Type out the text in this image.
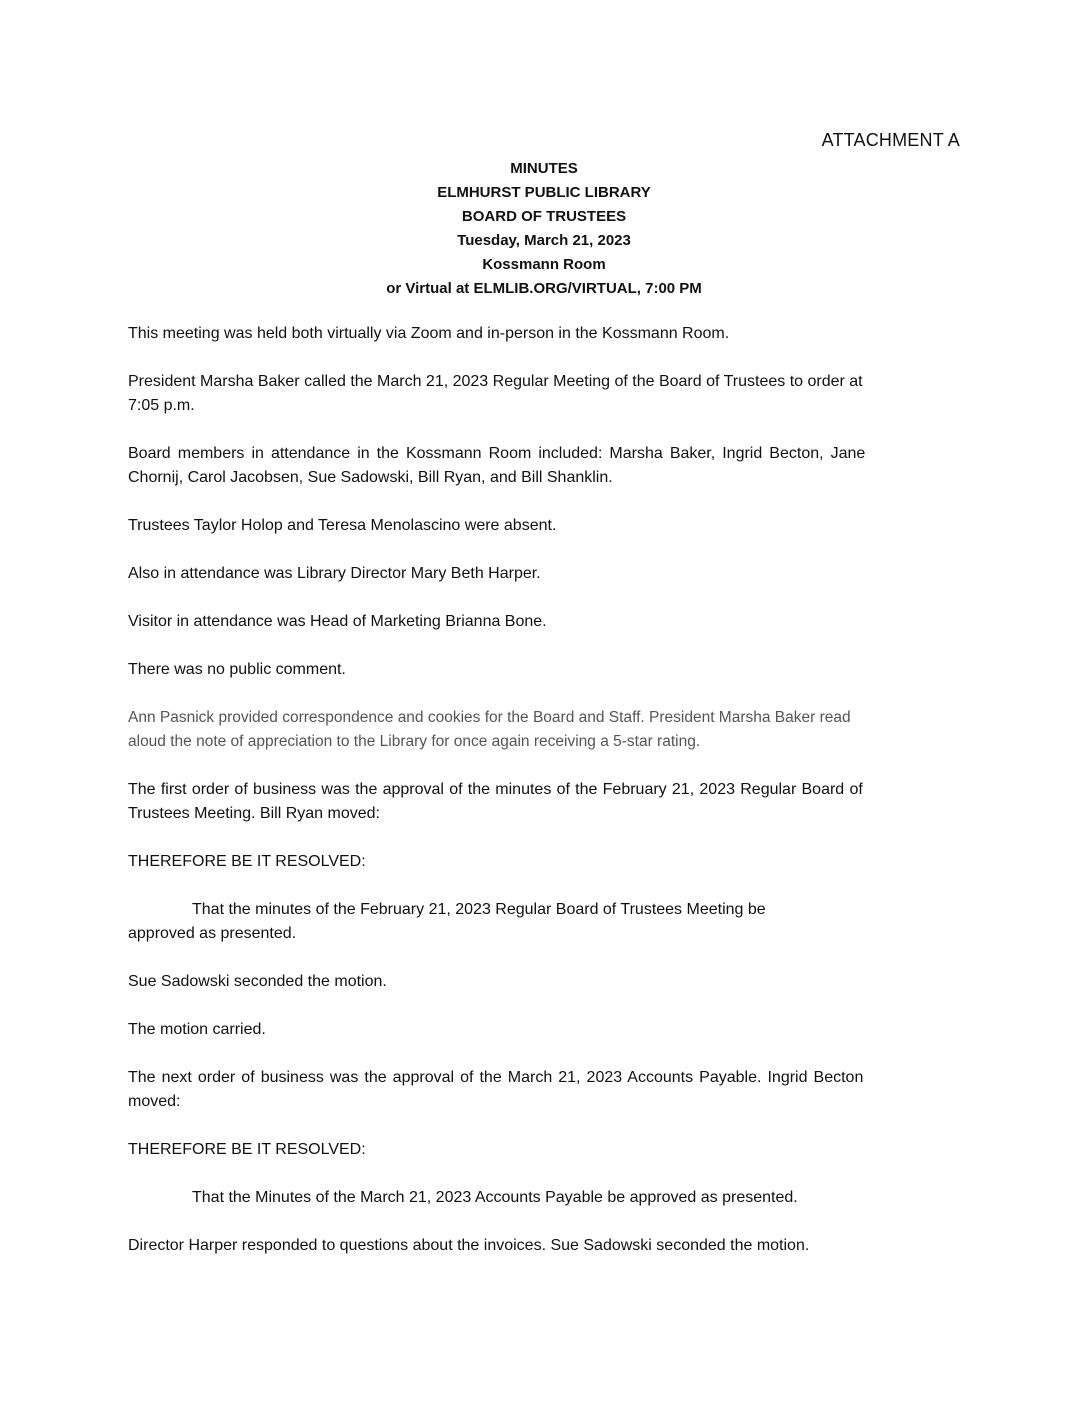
ATTACHMENT A
MINUTES
ELMHURST PUBLIC LIBRARY
BOARD OF TRUSTEES
Tuesday, March 21, 2023
Kossmann Room
or Virtual at ELMLIB.ORG/VIRTUAL, 7:00 PM

This meeting was held both virtually via Zoom and in-person in the Kossmann Room.

President Marsha Baker called the March 21, 2023 Regular Meeting of the Board of Trustees to order at
7:05 p.m.

Board members in attendance in the Kossmann Room included: Marsha Baker, Ingrid Becton, Jane
Chornij, Carol Jacobsen, Sue Sadowski, Bill Ryan, and Bill Shanklin.

Trustees Taylor Holop and Teresa Menolascino were absent.

Also in attendance was Library Director Mary Beth Harper.

Visitor in attendance was Head of Marketing Brianna Bone.

There was no public comment.

Ann Pasnick provided correspondence and cookies for the Board and Staff. President Marsha Baker read
aloud the note of appreciation to the Library for once again receiving a 5-star rating.

The first order of business was the approval of the minutes of the February 21, 2023 Regular Board of
Trustees Meeting. Bill Ryan moved:

THEREFORE BE IT RESOLVED:

That the minutes of the February 21, 2023 Regular Board of Trustees Meeting be
approved as presented.

Sue Sadowski seconded the motion.

The motion carried.

The next order of business was the approval of the March 21, 2023 Accounts Payable. Ingrid Becton
moved:

THEREFORE BE IT RESOLVED:

That the Minutes of the March 21, 2023 Accounts Payable be approved as presented.

Director Harper responded to questions about the invoices. Sue Sadowski seconded the motion.
